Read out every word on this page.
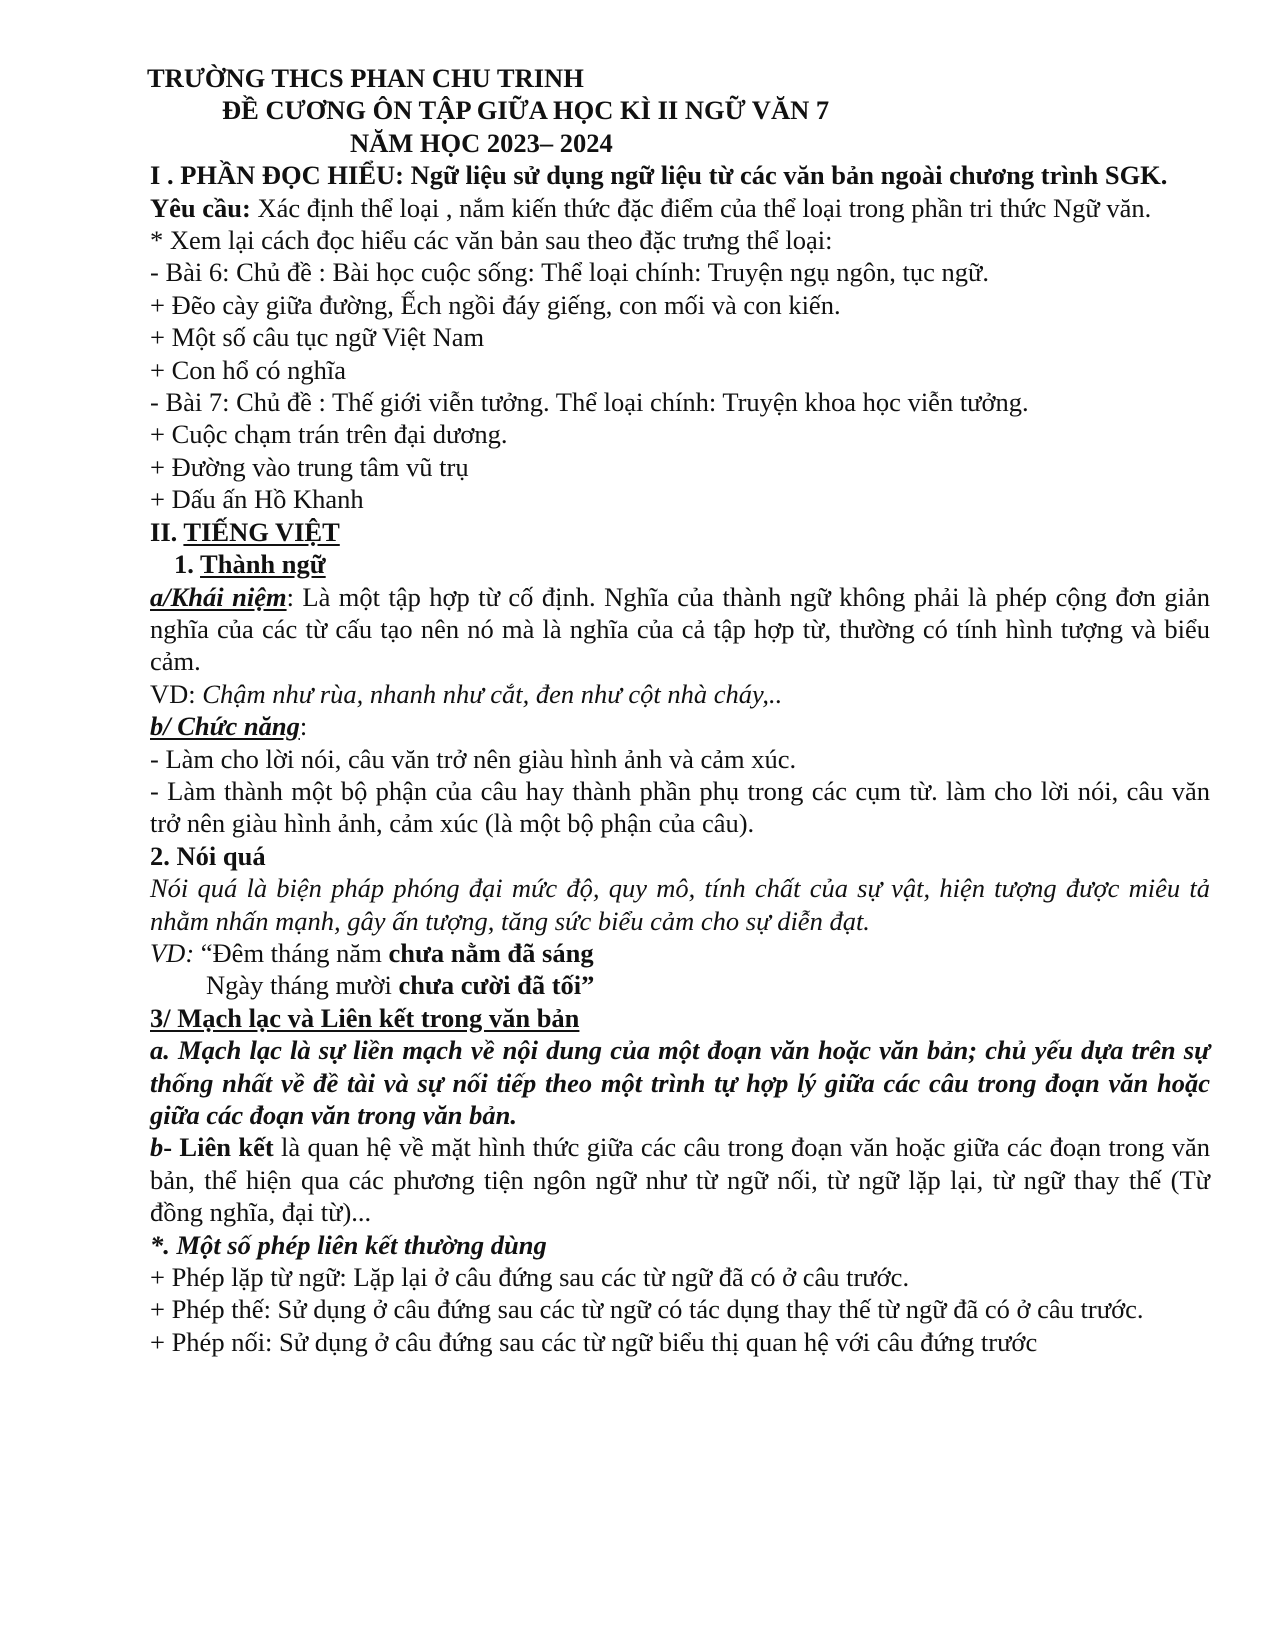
TRƯỜNG THCS PHAN CHU TRINH
ĐỀ CƯƠNG ÔN TẬP GIỮA HỌC KÌ II NGỮ VĂN 7
NĂM HỌC 2023– 2024
I . PHẦN ĐỌC HIỂU: Ngữ liệu sử dụng ngữ liệu từ các văn bản ngoài chương trình SGK.
Yêu cầu: Xác định thể loại , nắm kiến thức đặc điểm của thể loại trong phần tri thức Ngữ văn.
* Xem lại cách đọc hiểu các văn bản sau theo đặc trưng thể loại:
- Bài 6: Chủ đề : Bài học cuộc sống: Thể loại chính: Truyện ngụ ngôn, tục ngữ.
+ Đẽo cày giữa đường, Ếch ngồi đáy giếng, con mối và con kiến.
+ Một số câu tục ngữ Việt Nam
+ Con hổ có nghĩa
- Bài 7: Chủ đề : Thế giới viễn tưởng. Thể loại chính: Truyện khoa học viễn tưởng.
+ Cuộc chạm trán trên đại dương.
+ Đường vào trung tâm vũ trụ
+ Dấu ấn Hồ Khanh
II. TIẾNG VIỆT
1. Thành ngữ
a/Khái niệm: Là một tập hợp từ cố định. Nghĩa của thành ngữ không phải là phép cộng đơn giản nghĩa của các từ cấu tạo nên nó mà là nghĩa của cả tập hợp từ, thường có tính hình tượng và biểu cảm.
VD: Chậm như rùa, nhanh như cắt, đen như cột nhà cháy,..
b/ Chức năng:
- Làm cho lời nói, câu văn trở nên giàu hình ảnh và cảm xúc.
- Làm thành một bộ phận của câu hay thành phần phụ trong các cụm từ. làm cho lời nói, câu văn trở nên giàu hình ảnh, cảm xúc (là một bộ phận của câu).
2. Nói quá
Nói quá là biện pháp phóng đại mức độ, quy mô, tính chất của sự vật, hiện tượng được miêu tả nhằm nhấn mạnh, gây ấn tượng, tăng sức biểu cảm cho sự diễn đạt.
VD: “Đêm tháng năm chưa nằm đã sáng
Ngày tháng mười chưa cười đã tối”
3/ Mạch lạc và Liên kết trong văn bản
a. Mạch lạc là sự liền mạch về nội dung của một đoạn văn hoặc văn bản; chủ yếu dựa trên sự thống nhất về đề tài và sự nối tiếp theo một trình tự hợp lý giữa các câu trong đoạn văn hoặc giữa các đoạn văn trong văn bản.
b- Liên kết là quan hệ về mặt hình thức giữa các câu trong đoạn văn hoặc giữa các đoạn trong văn bản, thể hiện qua các phương tiện ngôn ngữ như từ ngữ nối, từ ngữ lặp lại, từ ngữ thay thế (Từ đồng nghĩa, đại từ)...
*. Một số phép liên kết thường dùng
+ Phép lặp từ ngữ: Lặp lại ở câu đứng sau các từ ngữ đã có ở câu trước.
+ Phép thế: Sử dụng ở câu đứng sau các từ ngữ có tác dụng thay thế từ ngữ đã có ở câu trước.
+ Phép nối: Sử dụng ở câu đứng sau các từ ngữ biểu thị quan hệ với câu đứng trước
